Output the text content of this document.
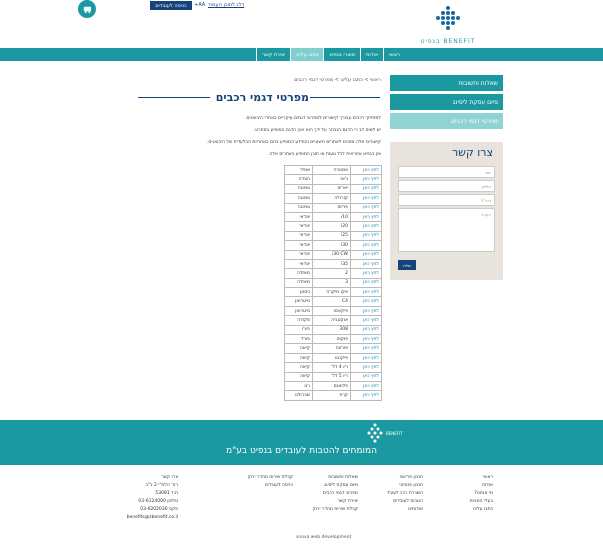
כניסה לעובדים	+AA דלג לתוכן העמוד
בנפיט BENEFIT
ראשי
אודות
מוצרי בנפיט
כתבו עלינו
יצירת קשר
שאלות ותשובות
סיום עסקת ליסינג
מפרטי דגמי רכבים
צרו קשר
שם
טלפון
דוא"ל
הערה
שלח
ראשי > כתבו עלינו > מפרטי דגמי רכבים
מפרטי דגמי רכבים
למחזיקי רכבים עבורך קישורים למפרטי דגמים עיקריים באתרי היבואנים.
יש לשים לב כי הדגם הנבחר על ידך הוא אכן הדגם המופיע במפרט.
קישורים אלה מפנים לאתרים חיצוניים והמידע המופיע בהם באחריות הבלעדית של היבואנים.
אין בנפיט אחראית לכל טעות או תוכן המופיע באתרים אלה.
אופל	אסטרה	לחץ כאן
הונדה	ג'אז	לחץ כאן
טויוטה	יאריס	לחץ כאן
טויוטה	קורולה	לחץ כאן
טויוטה	פריוס	לחץ כאן
יונדאי	i10	לחץ כאן
יונדאי	i20	לחץ כאן
יונדאי	i25	לחץ כאן
יונדאי	i30	לחץ כאן
יונדאי	i30 CW	לחץ כאן
יונדאי	i35	לחץ כאן
מאזדה	2	לחץ כאן
מאזדה	3	לחץ כאן
ניסאן	אקו מיקרה	לחץ כאן
סיטרואן	C4	לחץ כאן
סיטרואן	פיקאסו	לחץ כאן
סקודה	אוקטביה	לחץ כאן
פיג'ו	308	לחץ כאן
פורד	פוקוס	לחץ כאן
קיאה	פורטה	לחץ כאן
קיאה	פיקנטו	לחץ כאן
קיאה	ריו 4 דל'	לחץ כאן
קיאה	ריו 5 דל'	לחץ כאן
רנו	פלואנס	לחץ כאן
שברולט	קרוז	לחץ כאן
BENEFIT
המומחים להטבות לעובדים בנפיט בע"מ
ראשי
אודות
מי אנחנו?
בעלי המניות
כתבו עלינו
תכנון פרישה
תכנון פנסיוני
השכרת רכב לעובד
הטבות לעובדים
אודותינו
שאלות ותשובות
סיום עסקת ליסינג
מפרטי דגמי רכבים
יצירת קשר
קבלת שירות מהדר ירוק
קבלת שירות מהדר ירוק
כניסה לעובדים
צרו קשר
רח' הלח"י 2 ב"ב
ת.ד 53081
טלפון 03-6124000
פקס 03-6202030
benefits@zbenefit.co.il
snova web development
